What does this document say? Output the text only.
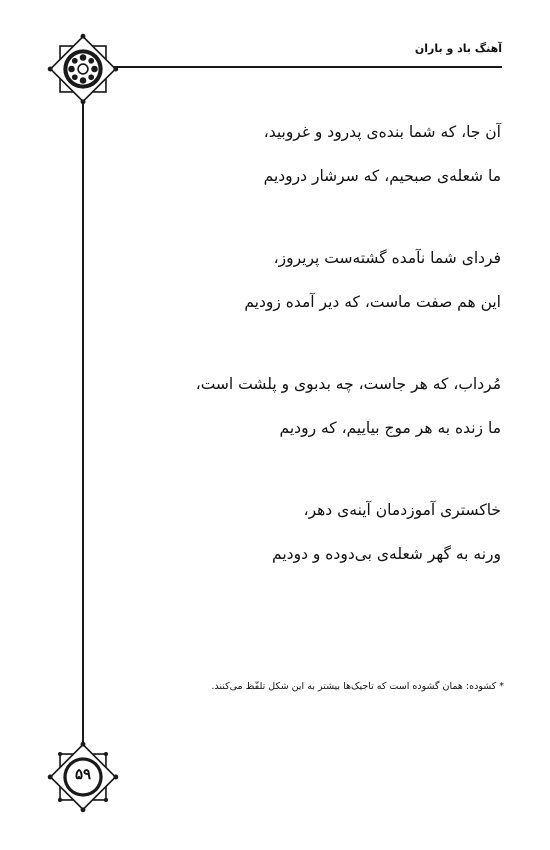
آهنگ باد و باران
آن جا، که شما بنده‌ی پدرود و غروبید،
ما شعله‌ی صبحیم، که سرشار درودیم
فردای شما نآمده گشته‌ست پریروز،
این هم صفت ماست، که دیر آمده زودیم
مُرداب، که هر جاست، چه بدبوی و پلشت است،
ما زنده به هر موج بیاییم، که رودیم
خاکستری آموزدمان آینه‌ی دهر،
ورنه به گهر شعله‌ی بی‌دوده و دودیم
* کشوده: همان گشوده است که تاجیک‌ها بیشتر به این شکل تلفّظ می‌کنند.
۵۹
